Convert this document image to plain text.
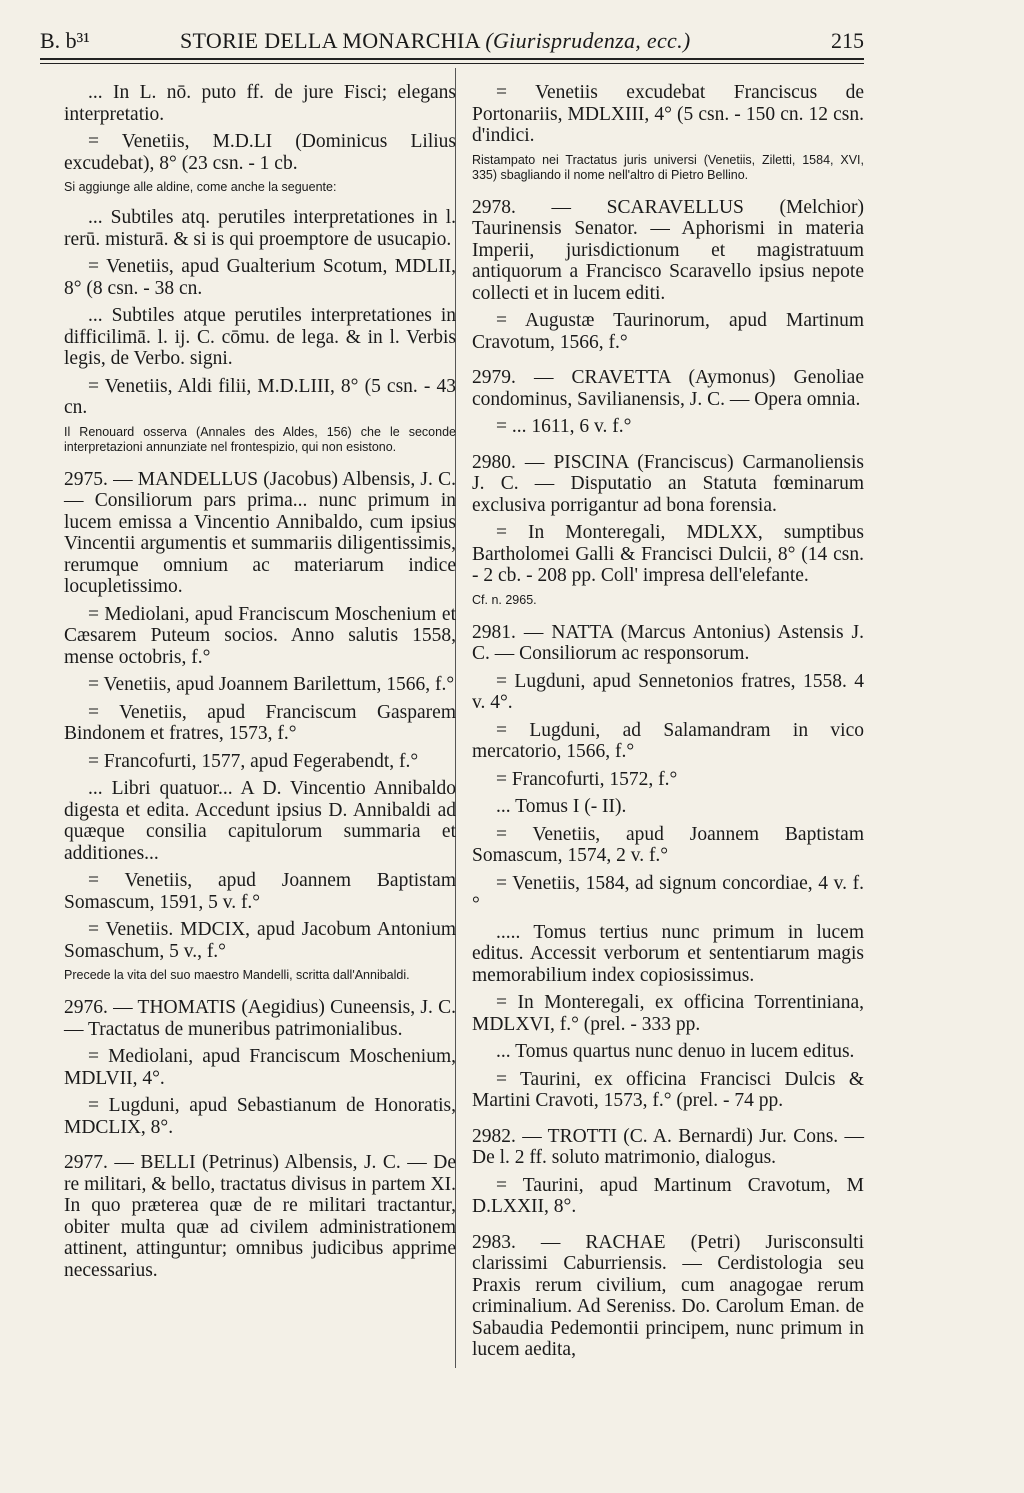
B. b³¹	STORIE DELLA MONARCHIA (Giurisprudenza, ecc.)	215

... In L. nō. puto ff. de jure Fisci; elegans interpretatio.

= Venetiis, M.D.LI (Dominicus Lilius excudebat), 8° (23 csn. - 1 cb.

Si aggiunge alle aldine, come anche la seguente:

... Subtiles atq. perutiles interpretationes in l. rerū. misturā. & si is qui proemptore de usucapio.

= Venetiis, apud Gualterium Scotum, MDLII, 8° (8 csn. - 38 cn.

... Subtiles atque perutiles interpretationes in difficilimā. l. ij. C. cōmu. de lega. & in l. Verbis legis, de Verbo. signi.

= Venetiis, Aldi filii, M.D.LIII, 8° (5 csn. - 43 cn.

Il Renouard osserva (Annales des Aldes, 156) che le seconde interpretazioni annunziate nel frontespizio, qui non esistono.

2975. — MANDELLUS (Jacobus) Albensis, J. C. — Consiliorum pars prima... nunc primum in lucem emissa a Vincentio Annibaldo, cum ipsius Vincentii argumentis et summariis diligentissimis, rerumque omnium ac materiarum indice locupletissimo.

= Mediolani, apud Franciscum Moschenium et Cæsarem Puteum socios. Anno salutis 1558, mense octobris, f.°

= Venetiis, apud Joannem Barilettum, 1566, f.°

= Venetiis, apud Franciscum Gasparem Bindonem et fratres, 1573, f.°

= Francofurti, 1577, apud Fegerabendt, f.°

... Libri quatuor... A D. Vincentio Annibaldo digesta et edita. Accedunt ipsius D. Annibaldi ad quæque consilia capitulorum summaria et additiones...

= Venetiis, apud Joannem Baptistam Somascum, 1591, 5 v. f.°

= Venetiis. MDCIX, apud Jacobum Antonium Somaschum, 5 v., f.°

Precede la vita del suo maestro Mandelli, scritta dall'Annibaldi.

2976. — THOMATIS (Aegidius) Cuneensis, J. C. — Tractatus de muneribus patrimonialibus.

= Mediolani, apud Franciscum Moschenium, MDLVII, 4°.

= Lugduni, apud Sebastianum de Honoratis, MDCLIX, 8°.

2977. — BELLI (Petrinus) Albensis, J. C. — De re militari, & bello, tractatus divisus in partem XI. In quo præterea quæ de re militari tractantur, obiter multa quæ ad civilem administrationem attinent, attinguntur; omnibus judicibus apprime necessarius.

= Venetiis excudebat Franciscus de Portonariis, MDLXIII, 4° (5 csn. - 150 cn. 12 csn. d'indici.

Ristampato nei Tractatus juris universi (Venetiis, Ziletti, 1584, XVI, 335) sbagliando il nome nell'altro di Pietro Bellino.

2978. — SCARAVELLUS (Melchior) Taurinensis Senator. — Aphorismi in materia Imperii, jurisdictionum et magistratuum antiquorum a Francisco Scaravello ipsius nepote collecti et in lucem editi.

= Augustæ Taurinorum, apud Martinum Cravotum, 1566, f.°

2979. — CRAVETTA (Aymonus) Genoliae condominus, Savilianensis, J. C. — Opera omnia.

= ... 1611, 6 v. f.°

2980. — PISCINA (Franciscus) Carmanoliensis J. C. — Disputatio an Statuta fœminarum exclusiva porrigantur ad bona forensia.

= In Monteregali, MDLXX, sumptibus Bartholomei Galli & Francisci Dulcii, 8° (14 csn. - 2 cb. - 208 pp. Coll' impresa dell'elefante.

Cf. n. 2965.

2981. — NATTA (Marcus Antonius) Astensis J. C. — Consiliorum ac responsorum.

= Lugduni, apud Sennetonios fratres, 1558. 4 v. 4°.

= Lugduni, ad Salamandram in vico mercatorio, 1566, f.°

= Francofurti, 1572, f.°

... Tomus I (- II).

= Venetiis, apud Joannem Baptistam Somascum, 1574, 2 v. f.°

= Venetiis, 1584, ad signum concordiae, 4 v. f.°

..... Tomus tertius nunc primum in lucem editus. Accessit verborum et sententiarum magis memorabilium index copiosissimus.

= In Monteregali, ex officina Torrentiniana, MDLXVI, f.° (prel. - 333 pp.

... Tomus quartus nunc denuo in lucem editus.

= Taurini, ex officina Francisci Dulcis & Martini Cravoti, 1573, f.° (prel. - 74 pp.

2982. — TROTTI (C. A. Bernardi) Jur. Cons. — De l. 2 ff. soluto matrimonio, dialogus.

= Taurini, apud Martinum Cravotum, M D.LXXII, 8°.

2983. — RACHAE (Petri) Jurisconsulti clarissimi Caburriensis. — Cerdistologia seu Praxis rerum civilium, cum anagogae rerum criminalium. Ad Sereniss. Do. Carolum Eman. de Sabaudia Pedemontii principem, nunc primum in lucem aedita,
